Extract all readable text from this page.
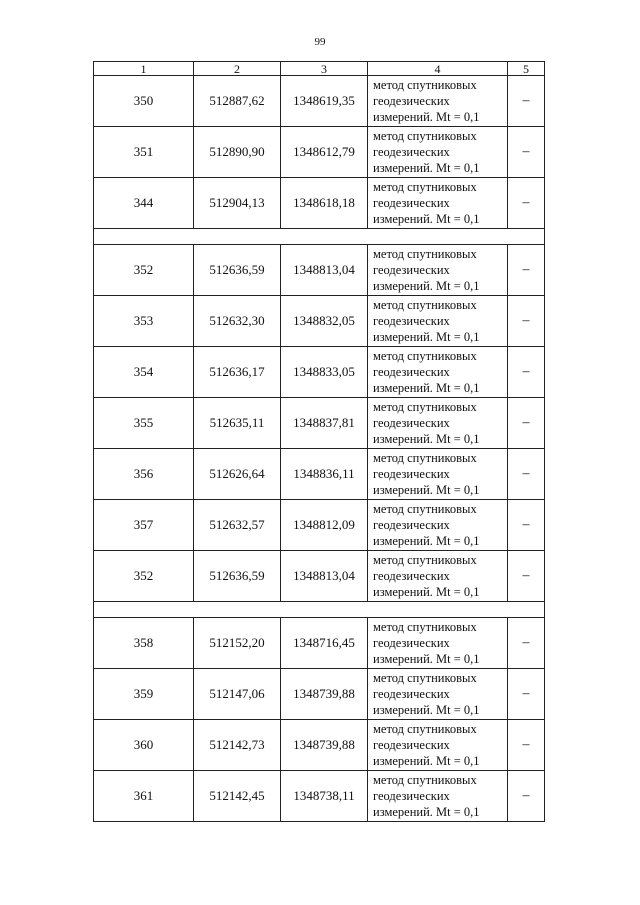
99
1	2	3	4	5
350	512887,62	1348619,35	метод спутниковых
геодезических
измерений. Mt = 0,1	–
351	512890,90	1348612,79	метод спутниковых
геодезических
измерений. Mt = 0,1	–
344	512904,13	1348618,18	метод спутниковых
геодезических
измерений. Mt = 0,1	–

352	512636,59	1348813,04	метод спутниковых
геодезических
измерений. Mt = 0,1	–
353	512632,30	1348832,05	метод спутниковых
геодезических
измерений. Mt = 0,1	–
354	512636,17	1348833,05	метод спутниковых
геодезических
измерений. Mt = 0,1	–
355	512635,11	1348837,81	метод спутниковых
геодезических
измерений. Mt = 0,1	–
356	512626,64	1348836,11	метод спутниковых
геодезических
измерений. Mt = 0,1	–
357	512632,57	1348812,09	метод спутниковых
геодезических
измерений. Mt = 0,1	–
352	512636,59	1348813,04	метод спутниковых
геодезических
измерений. Mt = 0,1	–

358	512152,20	1348716,45	метод спутниковых
геодезических
измерений. Mt = 0,1	–
359	512147,06	1348739,88	метод спутниковых
геодезических
измерений. Mt = 0,1	–
360	512142,73	1348739,88	метод спутниковых
геодезических
измерений. Mt = 0,1	–
361	512142,45	1348738,11	метод спутниковых
геодезических
измерений. Mt = 0,1	–
